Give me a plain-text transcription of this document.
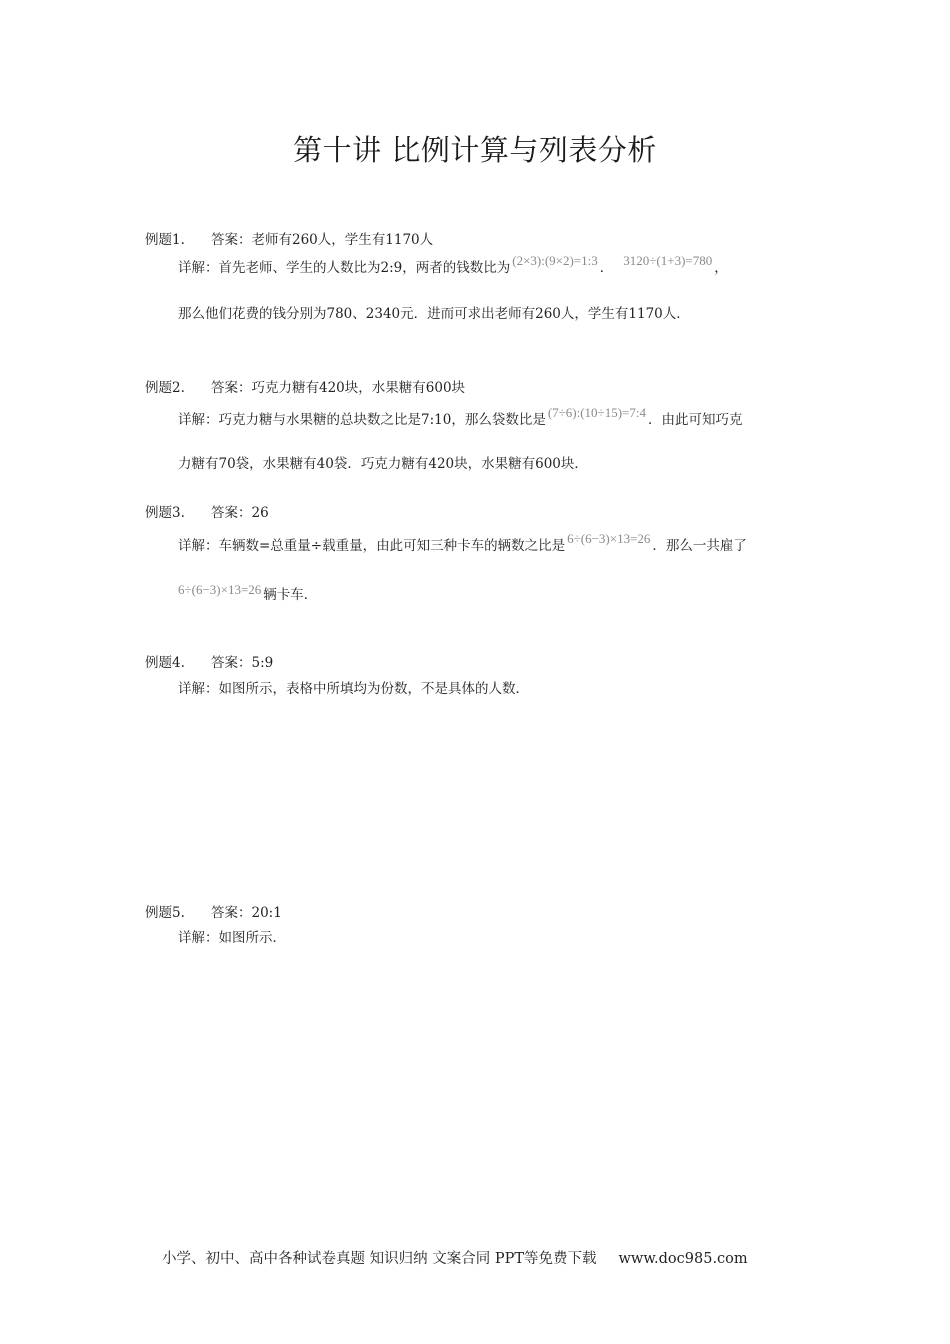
第十讲 比例计算与列表分析
例题1. 答案：老师有260人，学生有1170人
详解：首先老师、学生的人数比为2:9，两者的钱数比为 (2×3):(9×2)=1:3 ． 3120÷(1+3)=780 ，
那么他们花费的钱分别为780、2340元．进而可求出老师有260人，学生有1170人．
例题2. 答案：巧克力糖有420块，水果糖有600块
详解：巧克力糖与水果糖的总块数之比是7:10，那么袋数比是 (7÷6):(10÷15)=7:4 ．由此可知巧克
力糖有70袋，水果糖有40袋．巧克力糖有420块，水果糖有600块．
例题3. 答案：26
详解：车辆数=总重量÷载重量，由此可知三种卡车的辆数之比是 6÷(6−3)×13=26 ．那么一共雇了
6÷(6−3)×13=26 辆卡车．
例题4. 答案：5:9
详解：如图所示，表格中所填均为份数，不是具体的人数．
例题5. 答案：20:1
详解：如图所示．
小学、初中、高中各种试卷真题 知识归纳 文案合同 PPT等免费下载 www.doc985.com
